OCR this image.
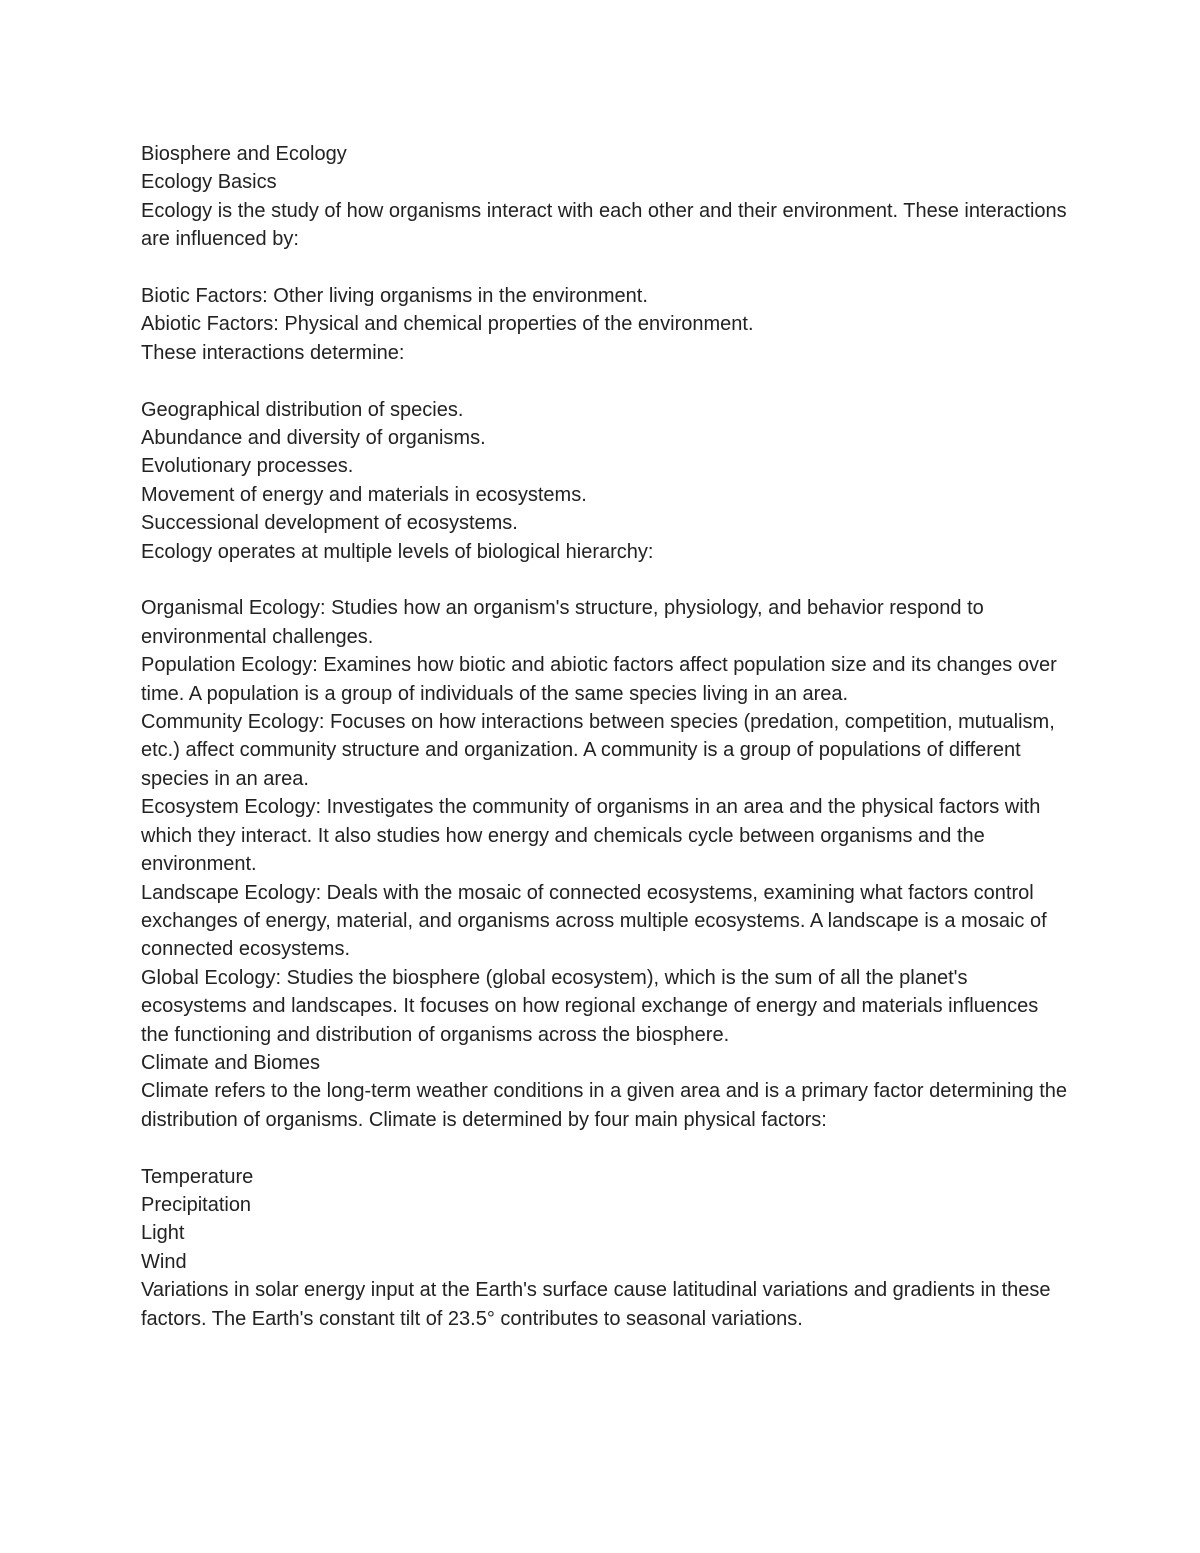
Biosphere and Ecology

Ecology Basics

Ecology is the study of how organisms interact with each other and their environment. These interactions are influenced by:

Biotic Factors: Other living organisms in the environment.

Abiotic Factors: Physical and chemical properties of the environment.

These interactions determine:

Geographical distribution of species.

Abundance and diversity of organisms.

Evolutionary processes.

Movement of energy and materials in ecosystems.

Successional development of ecosystems.

Ecology operates at multiple levels of biological hierarchy:

Organismal Ecology: Studies how an organism's structure, physiology, and behavior respond to environmental challenges.

Population Ecology: Examines how biotic and abiotic factors affect population size and its changes over time. A population is a group of individuals of the same species living in an area.

Community Ecology: Focuses on how interactions between species (predation, competition, mutualism, etc.) affect community structure and organization. A community is a group of populations of different species in an area.

Ecosystem Ecology: Investigates the community of organisms in an area and the physical factors with which they interact. It also studies how energy and chemicals cycle between organisms and the environment.

Landscape Ecology: Deals with the mosaic of connected ecosystems, examining what factors control exchanges of energy, material, and organisms across multiple ecosystems. A landscape is a mosaic of connected ecosystems.

Global Ecology: Studies the biosphere (global ecosystem), which is the sum of all the planet's ecosystems and landscapes. It focuses on how regional exchange of energy and materials influences the functioning and distribution of organisms across the biosphere.

Climate and Biomes

Climate refers to the long-term weather conditions in a given area and is a primary factor determining the distribution of organisms. Climate is determined by four main physical factors:

Temperature

Precipitation

Light

Wind

Variations in solar energy input at the Earth's surface cause latitudinal variations and gradients in these factors. The Earth's constant tilt of 23.5° contributes to seasonal variations.
